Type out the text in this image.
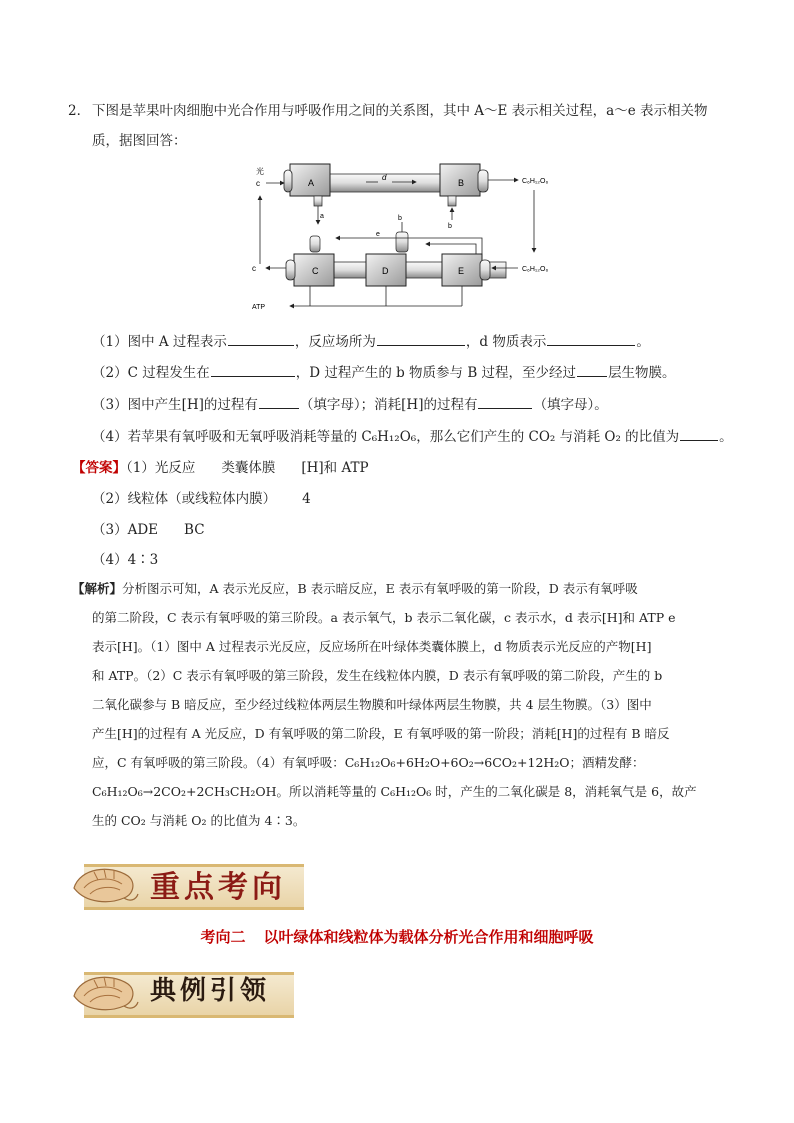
2． 下图是苹果叶肉细胞中光合作用与呼吸作用之间的关系图，其中 A～E 表示相关过程，a～e 表示相关物
质，据图回答：
光
c	A	B
d	C₆H₁₂O₆
a
b
b
e
C	D	E
c	C₆H₁₂O₆
ATP
（1）图中 A 过程表示	，反应场所为	，d 物质表示	。
（2）C 过程发生在	，D 过程产生的 b 物质参与 B 过程，至少经过 层生物膜。
（3）图中产生[H]的过程有	（填字母）；消耗[H]的过程有	（填字母）。
（4）若苹果有氧呼吸和无氧呼吸消耗等量的 C₆H₁₂O₆，那么它们产生的 CO₂ 与消耗 O₂ 的比值为	。
【答案】（1）光反应 类囊体膜 [H]和 ATP
（2）线粒体（或线粒体内膜） 4
（3）ADE BC
（4）4∶3
【解析】分析图示可知，A 表示光反应，B 表示暗反应，E 表示有氧呼吸的第一阶段，D 表示有氧呼吸
的第二阶段，C 表示有氧呼吸的第三阶段。a 表示氧气，b 表示二氧化碳，c 表示水，d 表示[H]和 ATP e
表示[H]。（1）图中 A 过程表示光反应，反应场所在叶绿体类囊体膜上，d 物质表示光反应的产物[H]
和 ATP。（2）C 表示有氧呼吸的第三阶段，发生在线粒体内膜，D 表示有氧呼吸的第二阶段，产生的 b
二氧化碳参与 B 暗反应，至少经过线粒体两层生物膜和叶绿体两层生物膜，共 4 层生物膜。（3）图中
产生[H]的过程有 A 光反应，D 有氧呼吸的第二阶段，E 有氧呼吸的第一阶段；消耗[H]的过程有 B 暗反
应，C 有氧呼吸的第三阶段。（4）有氧呼吸：C₆H₁₂O₆+6H₂O+6O₂→6CO₂+12H₂O；酒精发酵：
C₆H₁₂O₆→2CO₂+2CH₃CH₂OH。所以消耗等量的 C₆H₁₂O₆ 时，产生的二氧化碳是 8，消耗氧气是 6，故产
生的 CO₂ 与消耗 O₂ 的比值为 4∶3。
重点考向
考向二 以叶绿体和线粒体为载体分析光合作用和细胞呼吸
典例引领
